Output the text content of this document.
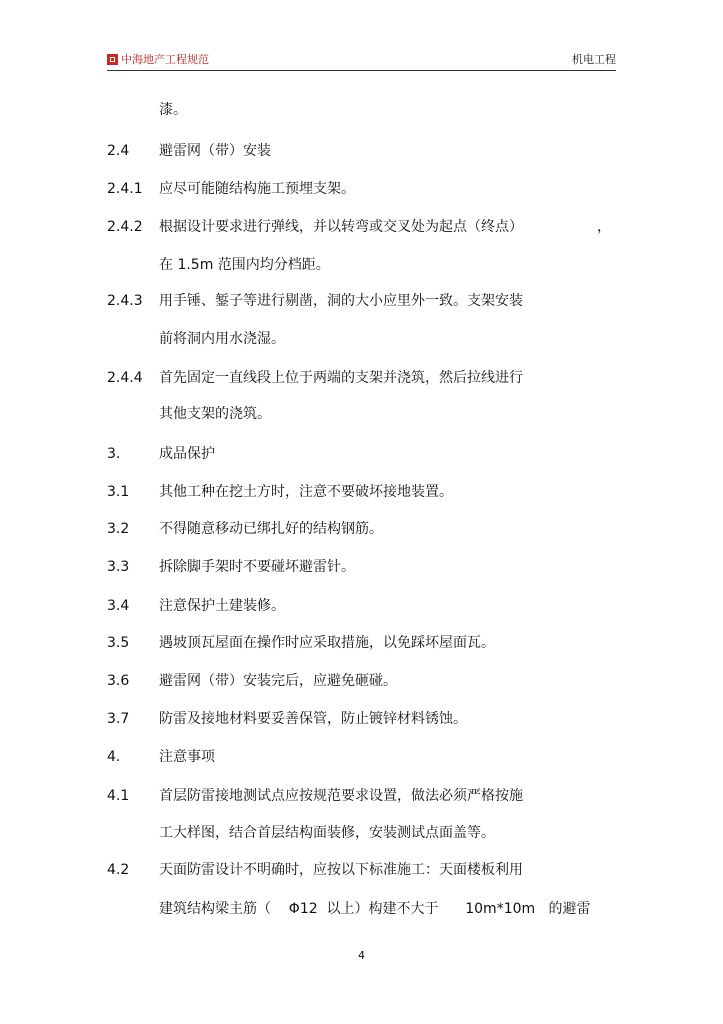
中海地产工程规范	机电工程
漆。
2.4 避雷网（带）安装
2.4.1 应尽可能随结构施工预埋支架。
2.4.2 根据设计要求进行弹线，并以转弯或交叉处为起点（终点）	，
在 1.5m 范围内均分档距。
2.4.3 用手锤、錾子等进行剔凿，洞的大小应里外一致。支架安装
前将洞内用水浇湿。
2.4.4 首先固定一直线段上位于两端的支架并浇筑，然后拉线进行
其他支架的浇筑。
3.	成品保护
3.1 其他工种在挖土方时，注意不要破坏接地装置。
3.2 不得随意移动已绑扎好的结构钢筋。
3.3 拆除脚手架时不要碰坏避雷针。
3.4 注意保护土建装修。
3.5 遇坡顶瓦屋面在操作时应采取措施，以免踩坏屋面瓦。
3.6 避雷网（带）安装完后，应避免砸碰。
3.7 防雷及接地材料要妥善保管，防止镀锌材料锈蚀。
4.	注意事项
4.1 首层防雷接地测试点应按规范要求设置，做法必须严格按施
工大样图，结合首层结构面装修，安装测试点面盖等。
4.2 天面防雷设计不明确时，应按以下标准施工：天面楼板利用
建筑结构梁主筋（    Φ12  以上）构建不大于      10m*10m   的避雷
4
